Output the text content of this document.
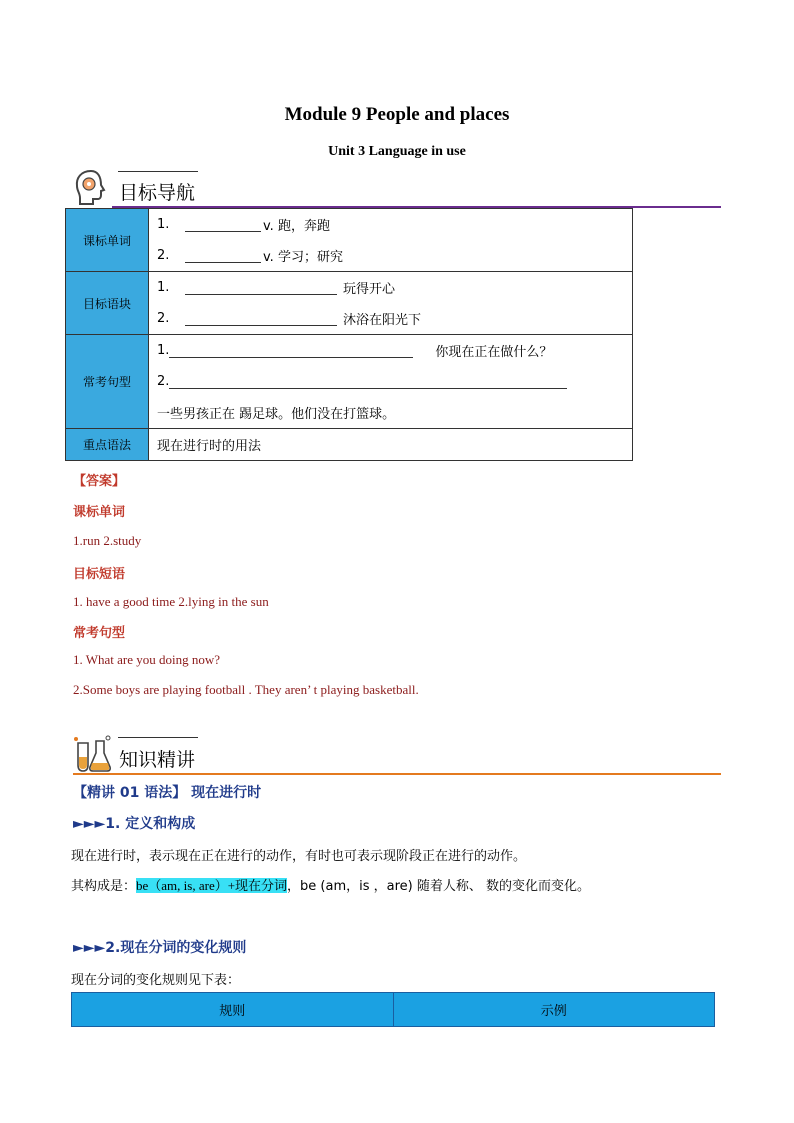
Module 9 People and places
Unit 3 Language in use
目标导航
课标单词	1. v. 跑，奔跑
2. v. 学习；研究

目标语块	1. 玩得开心
2. 沐浴在阳光下

常考句型	1. 你现在正在做什么？
2.
一些男孩正在 踢足球。他们没在打篮球。

重点语法	现在进行时的用法
【答案】
课标单词
1.run 2.study
目标短语
1. have a good time 2.lying in the sun
常考句型
1. What are you doing now?
2.Some boys are playing football . They aren’ t playing basketball.
知识精讲
【精讲 01 语法】 现在进行时
►►►1. 定义和构成
现在进行时，表示现在正在进行的动作，有时也可表示现阶段正在进行的动作。
其构成是：be（am, is, are）+现在分词，be (am，is ，are) 随着人称、 数的变化而变化。
►►►2.现在分词的变化规则
现在分词的变化规则见下表：
规则	示例
